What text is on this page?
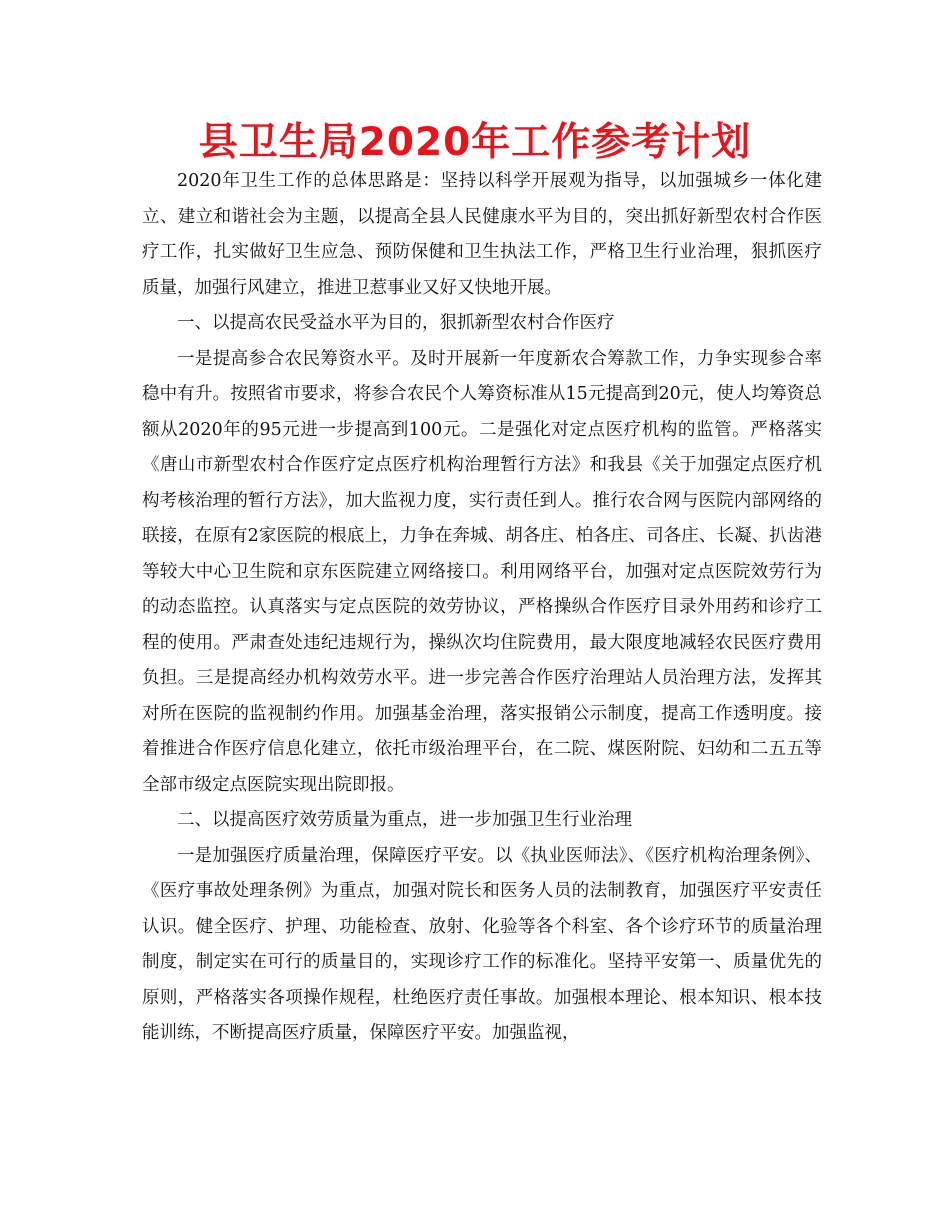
县卫生局2020年工作参考计划

2020年卫生工作的总体思路是：坚持以科学开展观为指导，以加强城乡一体化建立、建立和谐社会为主题，以提高全县人民健康水平为目的，突出抓好新型农村合作医疗工作，扎实做好卫生应急、预防保健和卫生执法工作，严格卫生行业治理，狠抓医疗质量，加强行风建立，推进卫惹事业又好又快地开展。

一、以提高农民受益水平为目的，狠抓新型农村合作医疗

一是提高参合农民筹资水平。及时开展新一年度新农合筹款工作，力争实现参合率稳中有升。按照省市要求，将参合农民个人筹资标准从15元提高到20元，使人均筹资总额从2020年的95元进一步提高到100元。二是强化对定点医疗机构的监管。严格落实《唐山市新型农村合作医疗定点医疗机构治理暂行方法》和我县《关于加强定点医疗机构考核治理的暂行方法》，加大监视力度，实行责任到人。推行农合网与医院内部网络的联接，在原有2家医院的根底上，力争在奔城、胡各庄、柏各庄、司各庄、长凝、扒齿港等较大中心卫生院和京东医院建立网络接口。利用网络平台，加强对定点医院效劳行为的动态监控。认真落实与定点医院的效劳协议，严格操纵合作医疗目录外用药和诊疗工程的使用。严肃查处违纪违规行为，操纵次均住院费用，最大限度地减轻农民医疗费用负担。三是提高经办机构效劳水平。进一步完善合作医疗治理站人员治理方法，发挥其对所在医院的监视制约作用。加强基金治理，落实报销公示制度，提高工作透明度。接着推进合作医疗信息化建立，依托市级治理平台，在二院、煤医附院、妇幼和二五五等全部市级定点医院实现出院即报。

二、以提高医疗效劳质量为重点，进一步加强卫生行业治理

一是加强医疗质量治理，保障医疗平安。以《执业医师法》、《医疗机构治理条例》、《医疗事故处理条例》为重点，加强对院长和医务人员的法制教育，加强医疗平安责任认识。健全医疗、护理、功能检查、放射、化验等各个科室、各个诊疗环节的质量治理制度，制定实在可行的质量目的，实现诊疗工作的标准化。坚持平安第一、质量优先的原则，严格落实各项操作规程，杜绝医疗责任事故。加强根本理论、根本知识、根本技能训练，不断提高医疗质量，保障医疗平安。加强监视，
